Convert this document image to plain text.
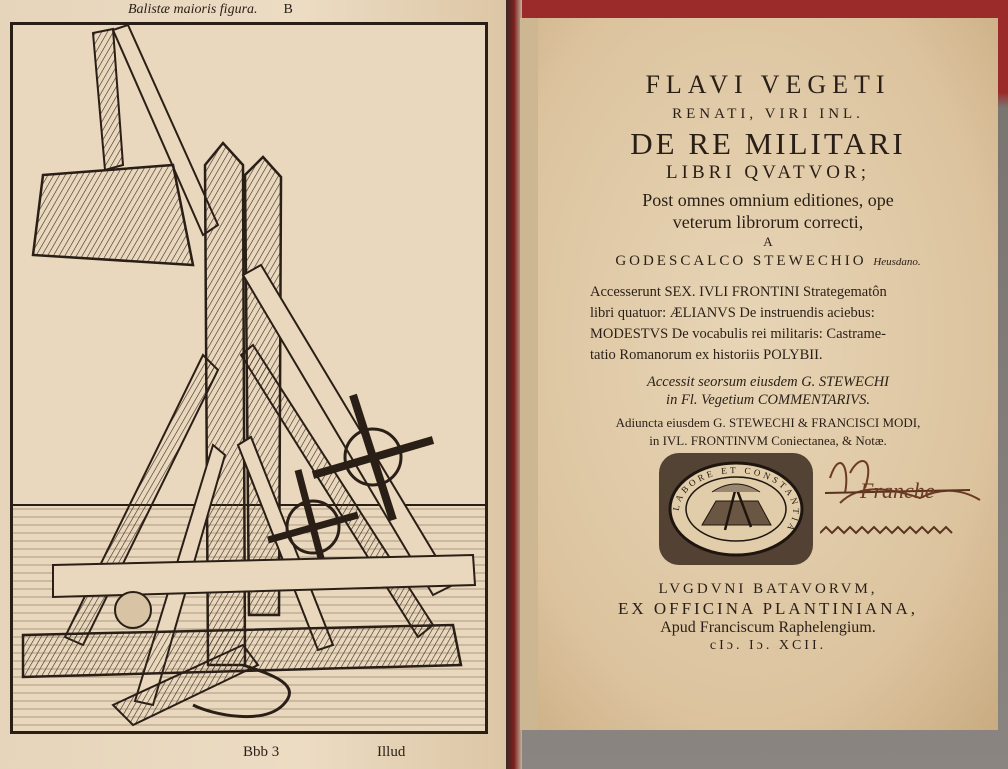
Balistæ maioris figura. B
Bbb 3	Illud
FLAVI VEGETI
RENATI, VIRI INL.
DE RE MILITARI
LIBRI QVATVOR;
Post omnes omnium editiones, ope
veterum librorum correcti,
A
GODESCALCO STEWECHIO Heusdano.
Accesserunt SEX. IVLI FRONTINI Strategematôn
libri quatuor: ÆLIANVS De instruendis aciebus:
MODESTVS De vocabulis rei militaris: Castrame-
tatio Romanorum ex historiis POLYBII.
Accessit seorsum eiusdem G. STEWECHI
in Fl. Vegetium COMMENTARIVS.
Adiuncta eiusdem G. STEWECHI & FRANCISCI MODI,
in IVL. FRONTINVM Coniectanea, & Notæ.
LABORE ET CONSTANTIA
Franche
LVGDVNI BATAVORVM,
EX OFFICINA PLANTINIANA,
Apud Franciscum Raphelengium.
cIɔ. Iɔ. XCII.
